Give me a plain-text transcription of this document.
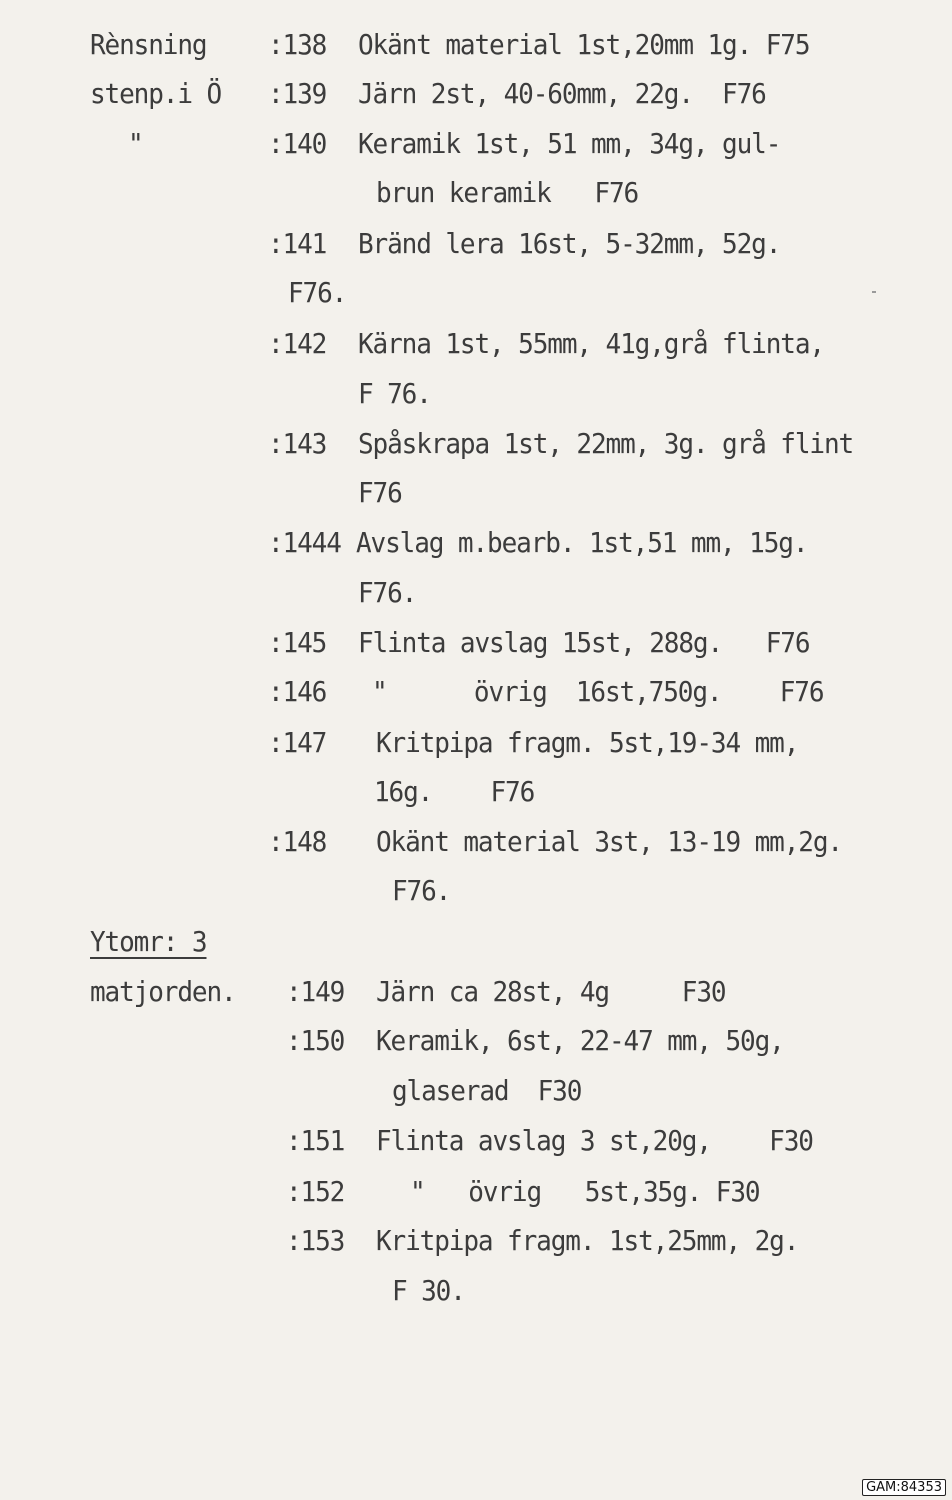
Rènsning
stenp.i Ö
"
:138 Okänt material 1st,20mm 1g. F75
:139 Järn 2st, 40-60mm, 22g.  F76
:140 Keramik 1st, 51 mm, 34g, gul-
brun keramik   F76
:141 Bränd lera 16st, 5-32mm, 52g.
F76.
:142 Kärna 1st, 55mm, 41g,grå flinta,
F 76.
:143 Spåskrapa 1st, 22mm, 3g. grå flint
F76
:1444 Avslag m.bearb. 1st,51 mm, 15g.
F76.
:145 Flinta avslag 15st, 288g.   F76
:146 "      övrig  16st,750g.    F76
:147 Kritpipa fragm. 5st,19-34 mm,
16g.    F76
:148 Okänt material 3st, 13-19 mm,2g.
F76.
Ytomr: 3
matjorden. :149 Järn ca 28st, 4g     F30
:150 Keramik, 6st, 22-47 mm, 50g,
glaserad  F30
:151 Flinta avslag 3 st,20g,    F30
:152 "   övrig   5st,35g. F30
:153 Kritpipa fragm. 1st,25mm, 2g.
F 30.
GAM:84353
